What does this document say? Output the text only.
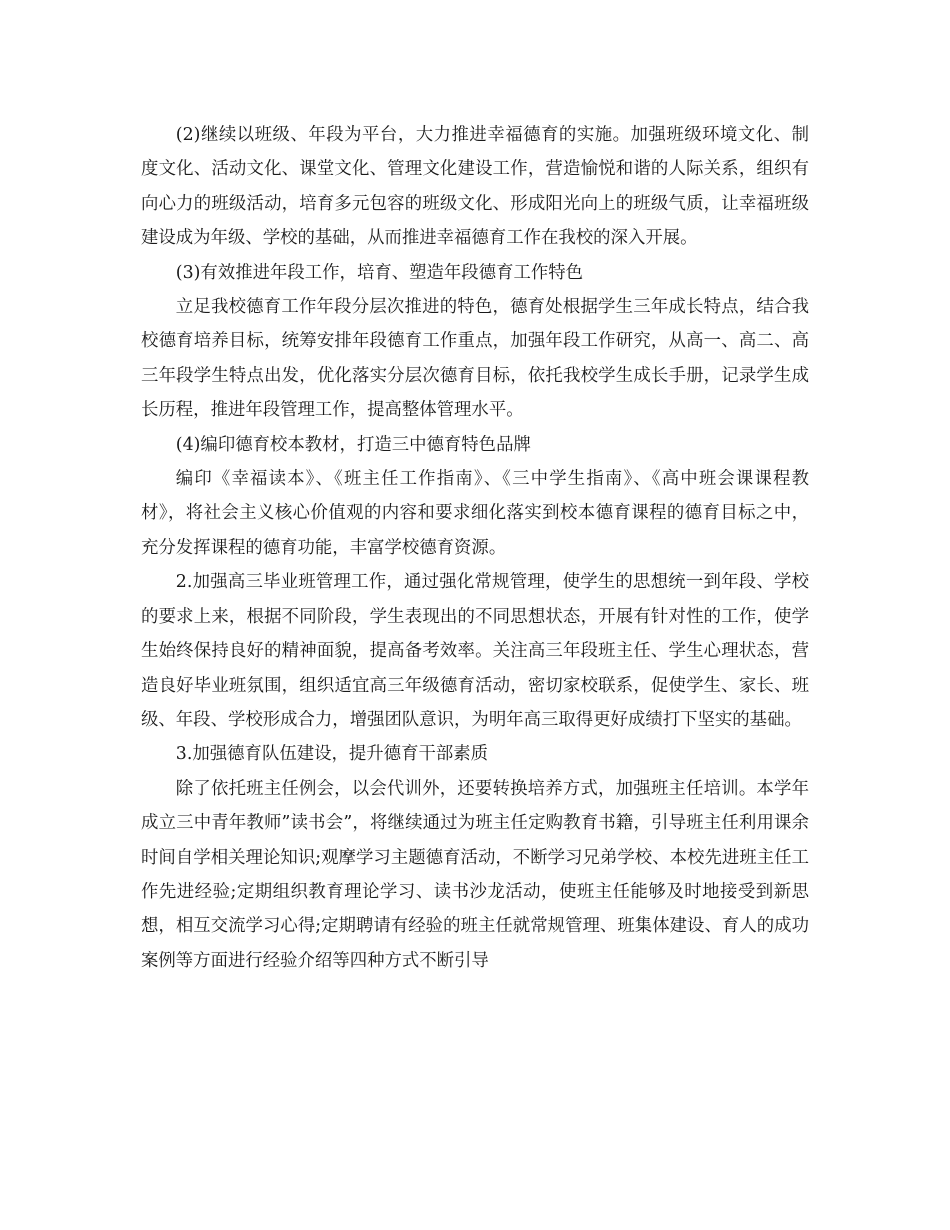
(2)继续以班级、年段为平台，大力推进幸福德育的实施。加强班级环境文化、制度文化、活动文化、课堂文化、管理文化建设工作，营造愉悦和谐的人际关系，组织有向心力的班级活动，培育多元包容的班级文化、形成阳光向上的班级气质，让幸福班级建设成为年级、学校的基础，从而推进幸福德育工作在我校的深入开展。

(3)有效推进年段工作，培育、塑造年段德育工作特色

立足我校德育工作年段分层次推进的特色，德育处根据学生三年成长特点，结合我校德育培养目标，统筹安排年段德育工作重点，加强年段工作研究，从高一、高二、高三年段学生特点出发，优化落实分层次德育目标，依托我校学生成长手册，记录学生成长历程，推进年段管理工作，提高整体管理水平。

(4)编印德育校本教材，打造三中德育特色品牌

编印《幸福读本》、《班主任工作指南》、《三中学生指南》、《高中班会课课程教材》，将社会主义核心价值观的内容和要求细化落实到校本德育课程的德育目标之中，充分发挥课程的德育功能，丰富学校德育资源。

2.加强高三毕业班管理工作，通过强化常规管理，使学生的思想统一到年段、学校的要求上来，根据不同阶段，学生表现出的不同思想状态，开展有针对性的工作，使学生始终保持良好的精神面貌，提高备考效率。关注高三年段班主任、学生心理状态，营造良好毕业班氛围，组织适宜高三年级德育活动，密切家校联系，促使学生、家长、班级、年段、学校形成合力，增强团队意识，为明年高三取得更好成绩打下坚实的基础。

3.加强德育队伍建设，提升德育干部素质

除了依托班主任例会，以会代训外，还要转换培养方式，加强班主任培训。本学年成立三中青年教师”读书会”，将继续通过为班主任定购教育书籍，引导班主任利用课余时间自学相关理论知识;观摩学习主题德育活动，不断学习兄弟学校、本校先进班主任工作先进经验;定期组织教育理论学习、读书沙龙活动，使班主任能够及时地接受到新思想，相互交流学习心得;定期聘请有经验的班主任就常规管理、班集体建设、育人的成功案例等方面进行经验介绍等四种方式不断引导
